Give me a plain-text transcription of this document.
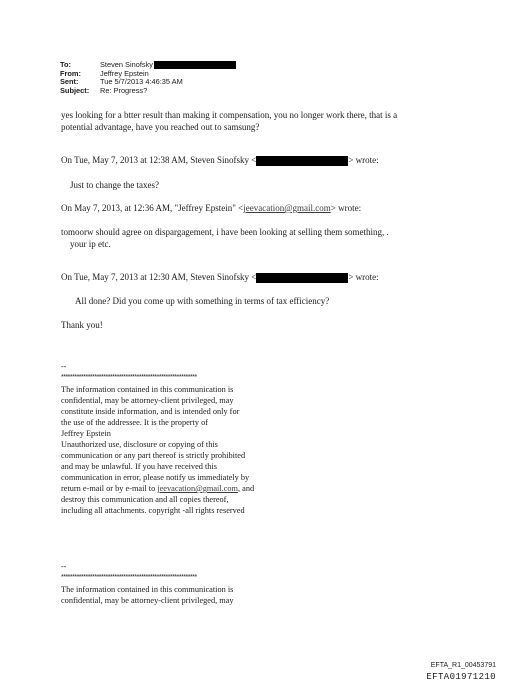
To:	Steven Sinofsky
From:	Jeffrey Epstein
Sent:	Tue 5/7/2013 4:46:35 AM
Subject:	Re: Progress?
yes looking for a btter result than making it compensation, you no longer work there, that is a
potential advantage, have you reached out to samsung?
On Tue, May 7, 2013 at 12:38 AM, Steven Sinofsky <	> wrote:
Just to change the taxes?
On May 7, 2013, at 12:36 AM, "Jeffrey Epstein" <jeevacation@gmail.com> wrote:
tomoorw should agree on dispargagement, i have been looking at selling them something, .
your ip etc.
On Tue, May 7, 2013 at 12:30 AM, Steven Sinofsky <	> wrote:
All done? Did you come up with something in terms of tax efficiency?
Thank you!
--
*************************************************************
The information contained in this communication is
confidential, may be attorney-client privileged, may
constitute inside information, and is intended only for
the use of the addressee. It is the property of
Jeffrey Epstein
Unauthorized use, disclosure or copying of this
communication or any part thereof is strictly prohibited
and may be unlawful. If you have received this
communication in error, please notify us immediately by
return e-mail or by e-mail to jeevacation@gmail.com, and
destroy this communication and all copies thereof,
including all attachments. copyright -all rights reserved
--
*************************************************************
The information contained in this communication is
confidential, may be attorney-client privileged, may
EFTA_R1_00453791
EFTA01971210
